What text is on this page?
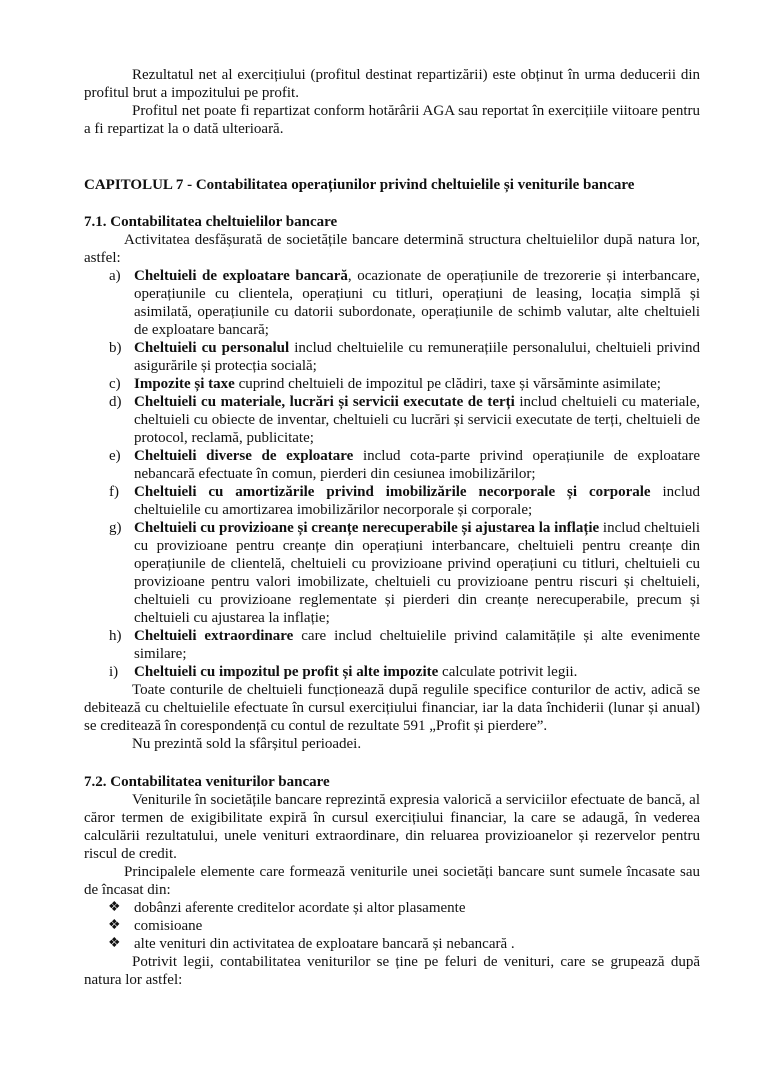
Rezultatul net al exercițiului (profitul destinat repartizării) este obținut în urma deducerii din profitul brut a impozitului pe profit.

Profitul net poate fi repartizat conform hotărârii AGA sau reportat în exercițiile viitoare pentru a fi repartizat la o dată ulterioară.

CAPITOLUL 7 - Contabilitatea operațiunilor privind cheltuielile și veniturile bancare

7.1. Contabilitatea cheltuielilor bancare

Activitatea desfășurată de societățile bancare determină structura cheltuielilor după natura lor, astfel:

a) Cheltuieli de exploatare bancară, ocazionate de operațiunile de trezorerie și interbancare, operațiunile cu clientela, operațiuni cu titluri, operațiuni de leasing, locația simplă și asimilată, operațiunile cu datorii subordonate, operațiunile de schimb valutar, alte cheltuieli de exploatare bancară;
b) Cheltuieli cu personalul includ cheltuielile cu remunerațiile personalului, cheltuieli privind asigurările și protecția socială;
c) Impozite și taxe cuprind cheltuieli de impozitul pe clădiri, taxe și vărsăminte asimilate;
d) Cheltuieli cu materiale, lucrări și servicii executate de terți includ cheltuieli cu materiale, cheltuieli cu obiecte de inventar, cheltuieli cu lucrări și servicii executate de terți, cheltuieli de protocol, reclamă, publicitate;
e) Cheltuieli diverse de exploatare includ cota-parte privind operațiunile de exploatare nebancară efectuate în comun, pierderi din cesiunea imobilizărilor;
f) Cheltuieli cu amortizările privind imobilizările necorporale și corporale includ cheltuielile cu amortizarea imobilizărilor necorporale și corporale;
g) Cheltuieli cu provizioane și creanțe nerecuperabile și ajustarea la inflație includ cheltuieli cu provizioane pentru creanțe din operațiuni interbancare, cheltuieli pentru creanțe din operațiunile de clientelă, cheltuieli cu provizioane privind operațiuni cu titluri, cheltuieli cu provizioane pentru valori imobilizate, cheltuieli cu provizioane pentru riscuri și cheltuieli, cheltuieli cu provizioane reglementate și pierderi din creanțe nerecuperabile, precum și cheltuieli cu ajustarea la inflație;
h) Cheltuieli extraordinare care includ cheltuielile privind calamitățile și alte evenimente similare;
i) Cheltuieli cu impozitul pe profit și alte impozite calculate potrivit legii.

Toate conturile de cheltuieli funcționează după regulile specifice conturilor de activ, adică se debitează cu cheltuielile efectuate în cursul exercițiului financiar, iar la data închiderii (lunar și anual) se creditează în corespondență cu contul de rezultate 591 „Profit și pierdere”.

Nu prezintă sold la sfârșitul perioadei.

7.2. Contabilitatea veniturilor bancare

Veniturile în societățile bancare reprezintă expresia valorică a serviciilor efectuate de bancă, al căror termen de exigibilitate expiră în cursul exercițiului financiar, la care se adaugă, în vederea calculării rezultatului, unele venituri extraordinare, din reluarea provizioanelor și rezervelor pentru riscul de credit.

Principalele elemente care formează veniturile unei societăți bancare sunt sumele încasate sau de încasat din:

❖ dobânzi aferente creditelor acordate și altor plasamente
❖ comisioane
❖ alte venituri din activitatea de exploatare bancară și nebancară .

Potrivit legii, contabilitatea veniturilor se ține pe feluri de venituri, care se grupează după natura lor astfel:
